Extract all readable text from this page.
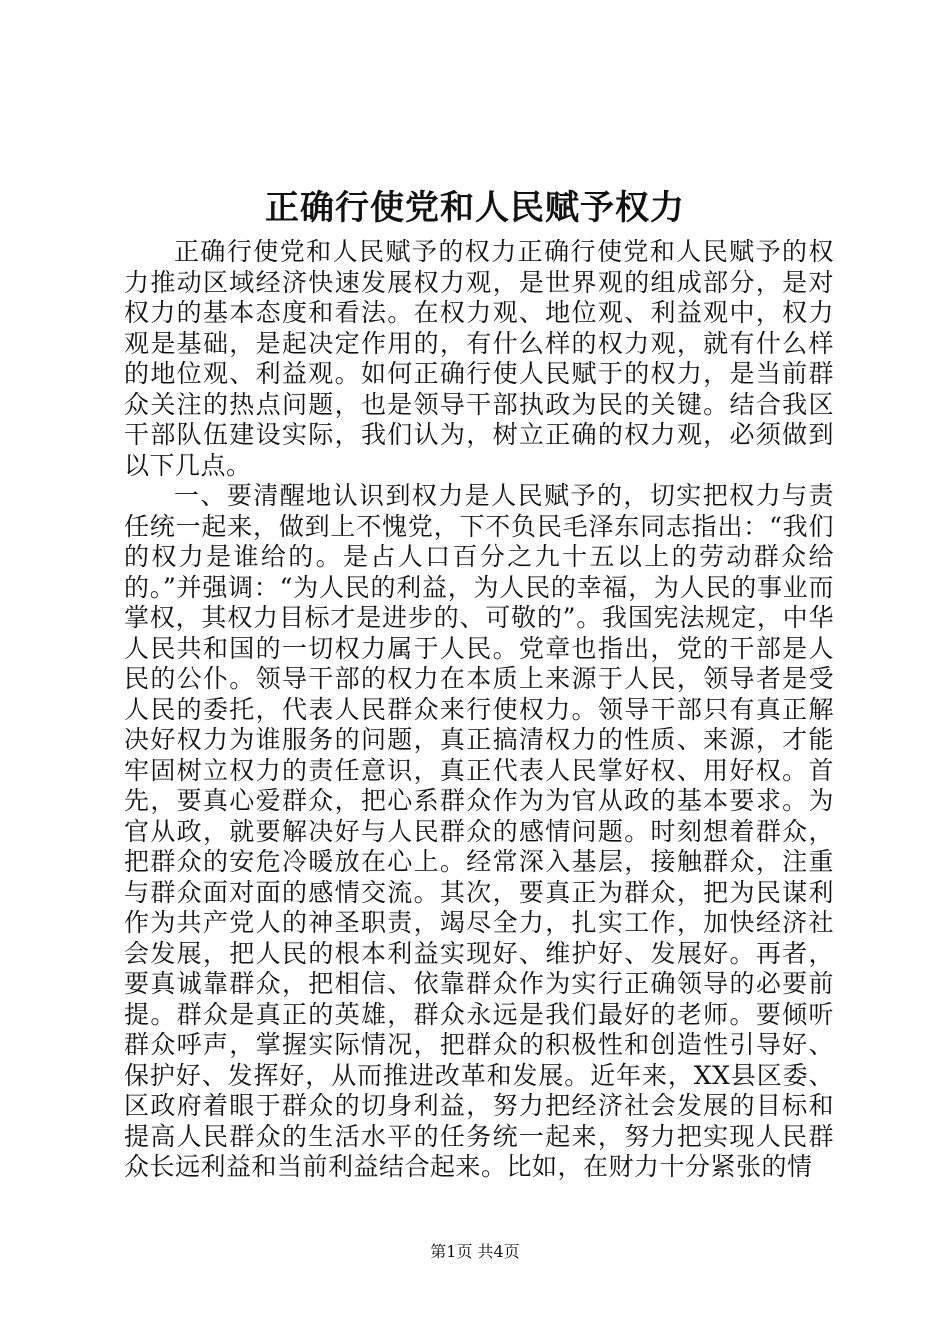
正确行使党和人民赋予权力

正确行使党和人民赋予的权力正确行使党和人民赋予的权力推动区域经济快速发展权力观，是世界观的组成部分，是对权力的基本态度和看法。在权力观、地位观、利益观中，权力观是基础，是起决定作用的，有什么样的权力观，就有什么样的地位观、利益观。如何正确行使人民赋于的权力，是当前群众关注的热点问题，也是领导干部执政为民的关键。结合我区干部队伍建设实际，我们认为，树立正确的权力观，必须做到以下几点。

一、要清醒地认识到权力是人民赋予的，切实把权力与责任统一起来，做到上不愧党，下不负民毛泽东同志指出：“我们的权力是谁给的。是占人口百分之九十五以上的劳动群众给的。”并强调：“为人民的利益，为人民的幸福，为人民的事业而掌权，其权力目标才是进步的、可敬的”。我国宪法规定，中华人民共和国的一切权力属于人民。党章也指出，党的干部是人民的公仆。领导干部的权力在本质上来源于人民，领导者是受人民的委托，代表人民群众来行使权力。领导干部只有真正解决好权力为谁服务的问题，真正搞清权力的性质、来源，才能牢固树立权力的责任意识，真正代表人民掌好权、用好权。首先，要真心爱群众，把心系群众作为为官从政的基本要求。为官从政，就要解决好与人民群众的感情问题。时刻想着群众，把群众的安危冷暖放在心上。经常深入基层，接触群众，注重与群众面对面的感情交流。其次，要真正为群众，把为民谋利作为共产党人的神圣职责，竭尽全力，扎实工作，加快经济社会发展，把人民的根本利益实现好、维护好、发展好。再者，要真诚靠群众，把相信、依靠群众作为实行正确领导的必要前提。群众是真正的英雄，群众永远是我们最好的老师。要倾听群众呼声，掌握实际情况，把群众的积极性和创造性引导好、保护好、发挥好，从而推进改革和发展。近年来，XX县区委、区政府着眼于群众的切身利益，努力把经济社会发展的目标和提高人民群众的生活水平的任务统一起来，努力把实现人民群众长远利益和当前利益结合起来。比如，在财力十分紧张的情

第1页 共4页
